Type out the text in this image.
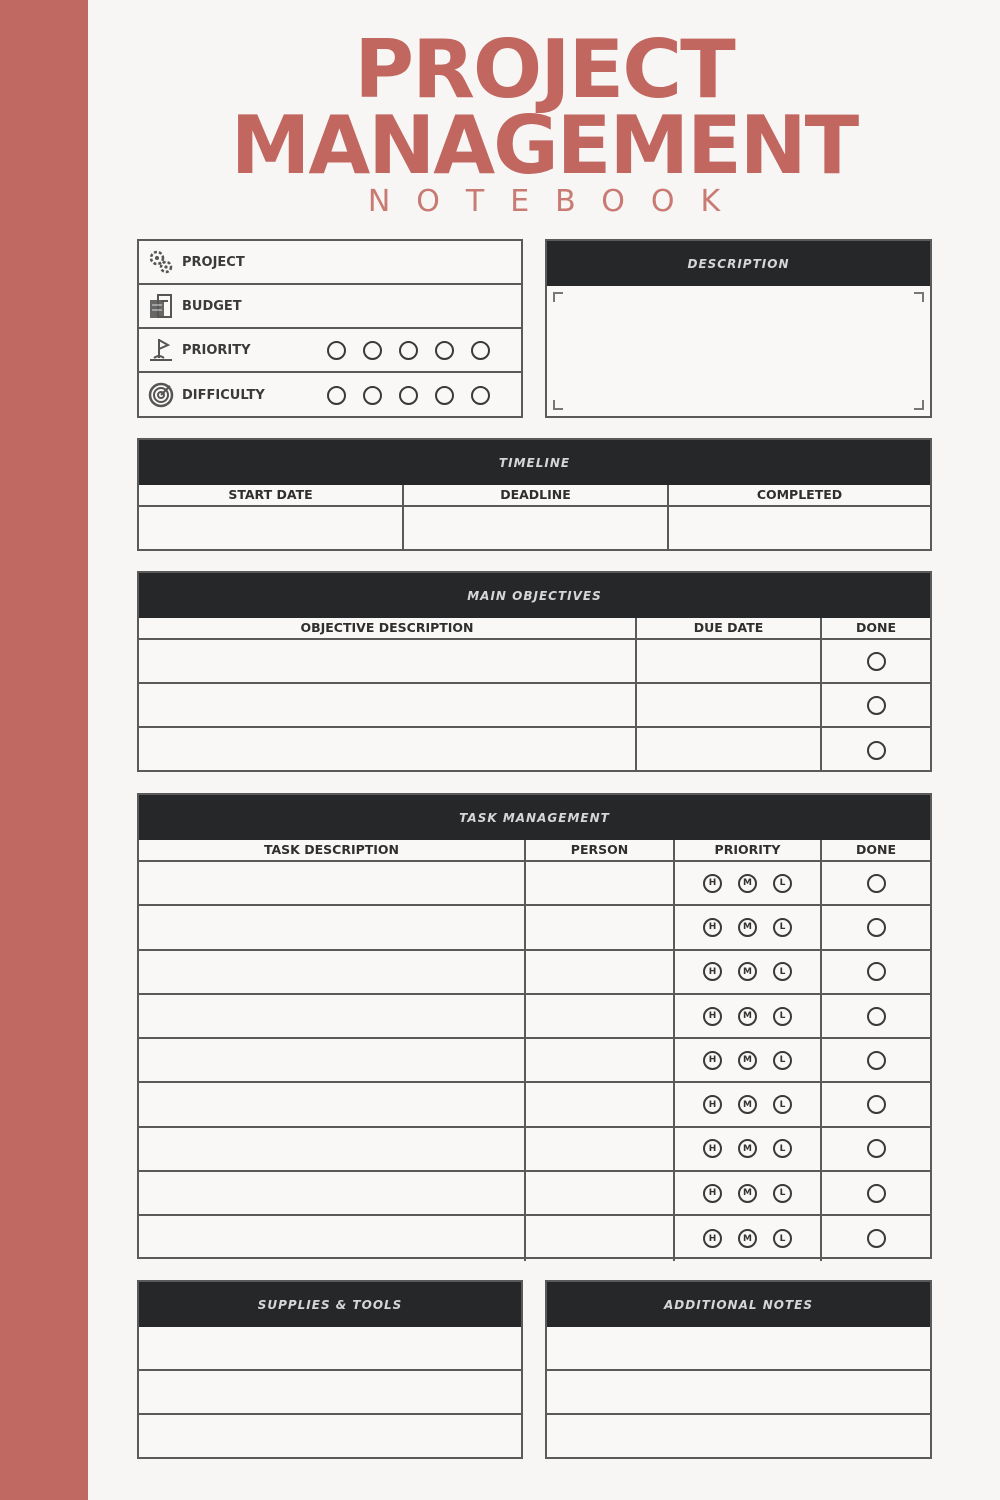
PROJECT
MANAGEMENT
NOTEBOOK
PROJECT
BUDGET
PRIORITY
DIFFICULTY
DESCRIPTION
TIMELINE
START DATE	DEADLINE	COMPLETED
MAIN OBJECTIVES
OBJECTIVE DESCRIPTION	DUE DATE	DONE
TASK MANAGEMENT
TASK DESCRIPTION	PERSON	PRIORITY	DONE
H	M	L
H	M	L
H	M	L
H	M	L
H	M	L
H	M	L
H	M	L
H	M	L
H	M	L
SUPPLIES & TOOLS	ADDITIONAL NOTES
